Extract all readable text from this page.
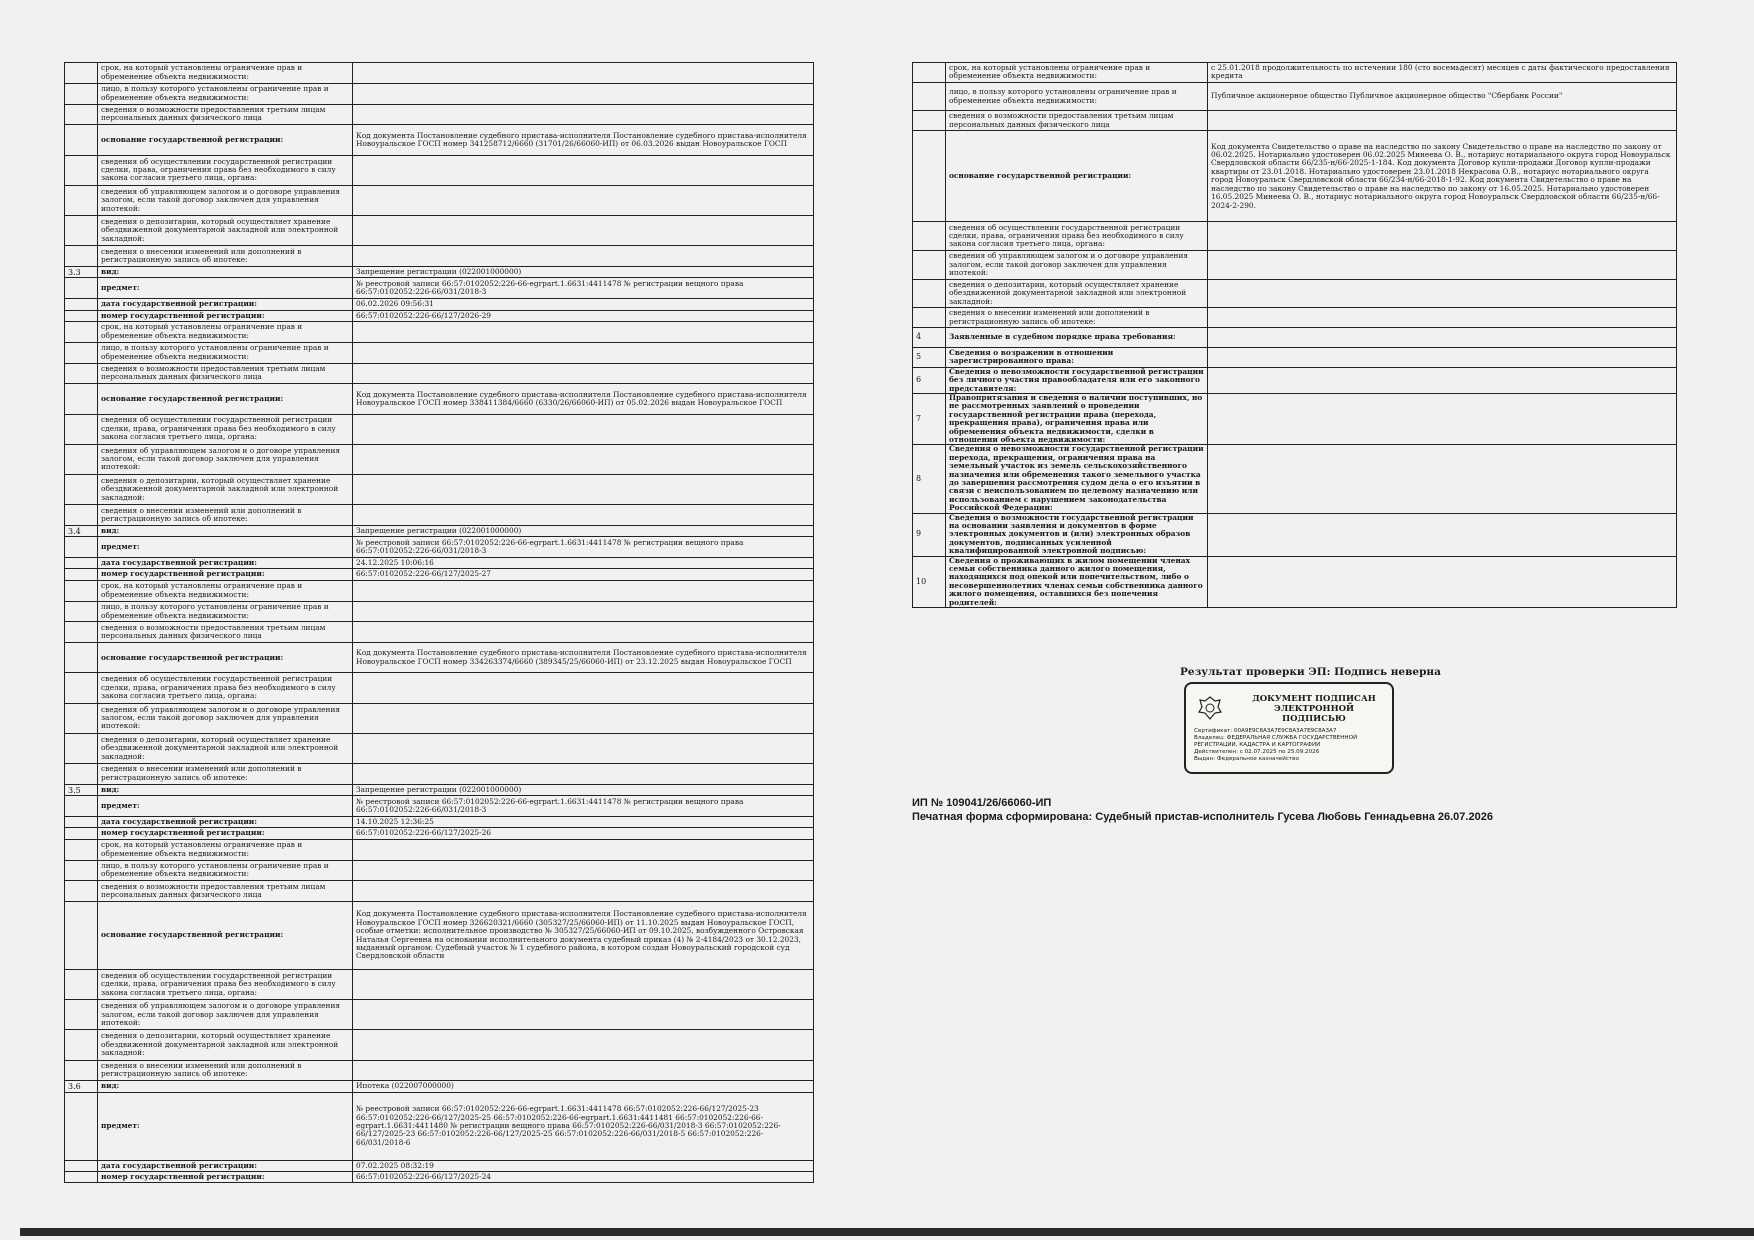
	срок, на который установлены ограничение прав и обременение объекта недвижимости:	
	лицо, в пользу которого установлены ограничение прав и обременение объекта недвижимости:	
	сведения о возможности предоставления третьим лицам персональных данных физического лица	
	основание государственной регистрации:	Код документа Постановление судебного пристава-исполнителя Постановление судебного пристава-исполнителя Новоуральское ГОСП номер 341258712/6660 (31701/26/66060-ИП) от 06.03.2026 выдан Новоуральское ГОСП
	сведения об осуществлении государственной регистрации сделки, права, ограничения права без необходимого в силу закона согласия третьего лица, органа:	
	сведения об управляющем залогом и о договоре управления залогом, если такой договор заключен для управления ипотекой:	
	сведения о депозитарии, который осуществляет хранение обездвиженной документарной закладной или электронной закладной:	
	сведения о внесении изменений или дополнений в регистрационную запись об ипотеке:	
3.3	вид:	Запрещение регистрации (022001000000)
	предмет:	№ реестровой записи 66:57:0102052:226-66-egrpart.1.6631:4411478 № регистрации вещного права 66:57:0102052:226-66/031/2018-3
	дата государственной регистрации:	06.02.2026 09:56:31
	номер государственной регистрации:	66:57:0102052:226-66/127/2026-29
	срок, на который установлены ограничение прав и обременение объекта недвижимости:	
	лицо, в пользу которого установлены ограничение прав и обременение объекта недвижимости:	
	сведения о возможности предоставления третьим лицам персональных данных физического лица	
	основание государственной регистрации:	Код документа Постановление судебного пристава-исполнителя Постановление судебного пристава-исполнителя Новоуральское ГОСП номер 338411384/6660 (6330/26/66060-ИП) от 05.02.2026 выдан Новоуральское ГОСП
	сведения об осуществлении государственной регистрации сделки, права, ограничения права без необходимого в силу закона согласия третьего лица, органа:	
	сведения об управляющем залогом и о договоре управления залогом, если такой договор заключен для управления ипотекой:	
	сведения о депозитарии, который осуществляет хранение обездвиженной документарной закладной или электронной закладной:	
	сведения о внесении изменений или дополнений в регистрационную запись об ипотеке:	
3.4	вид:	Запрещение регистрации (022001000000)
	предмет:	№ реестровой записи 66:57:0102052:226-66-egrpart.1.6631:4411478 № регистрации вещного права 66:57:0102052:226-66/031/2018-3
	дата государственной регистрации:	24.12.2025 10:06:16
	номер государственной регистрации:	66:57:0102052:226-66/127/2025-27
	срок, на который установлены ограничение прав и обременение объекта недвижимости:	
	лицо, в пользу которого установлены ограничение прав и обременение объекта недвижимости:	
	сведения о возможности предоставления третьим лицам персональных данных физического лица	
	основание государственной регистрации:	Код документа Постановление судебного пристава-исполнителя Постановление судебного пристава-исполнителя Новоуральское ГОСП номер 334263374/6660 (389345/25/66060-ИП) от 23.12.2025 выдан Новоуральское ГОСП
	сведения об осуществлении государственной регистрации сделки, права, ограничения права без необходимого в силу закона согласия третьего лица, органа:	
	сведения об управляющем залогом и о договоре управления залогом, если такой договор заключен для управления ипотекой:	
	сведения о депозитарии, который осуществляет хранение обездвиженной документарной закладной или электронной закладной:	
	сведения о внесении изменений или дополнений в регистрационную запись об ипотеке:	
3.5	вид:	Запрещение регистрации (022001000000)
	предмет:	№ реестровой записи 66:57:0102052:226-66-egrpart.1.6631:4411478 № регистрации вещного права 66:57:0102052:226-66/031/2018-3
	дата государственной регистрации:	14.10.2025 12:36:25
	номер государственной регистрации:	66:57:0102052:226-66/127/2025-26
	срок, на который установлены ограничение прав и обременение объекта недвижимости:	
	лицо, в пользу которого установлены ограничение прав и обременение объекта недвижимости:	
	сведения о возможности предоставления третьим лицам персональных данных физического лица	
	основание государственной регистрации:	Код документа Постановление судебного пристава-исполнителя Постановление судебного пристава-исполнителя Новоуральское ГОСП номер 326620321/6660 (305327/25/66060-ИП) от 11.10.2025 выдан Новоуральское ГОСП, особые отметки: исполнительное производство № 305327/25/66060-ИП от 09.10.2025, возбужденного Островская Наталья Сергеевна на основании исполнительного документа судебный приказ (4) № 2-4184/2023 от 30.12.2023, выданный органом: Судебный участок № 1 судебного района, в котором создан Новоуральский городской суд Свердловской области
	сведения об осуществлении государственной регистрации сделки, права, ограничения права без необходимого в силу закона согласия третьего лица, органа:	
	сведения об управляющем залогом и о договоре управления залогом, если такой договор заключен для управления ипотекой:	
	сведения о депозитарии, который осуществляет хранение обездвиженной документарной закладной или электронной закладной:	
	сведения о внесении изменений или дополнений в регистрационную запись об ипотеке:	
3.6	вид:	Ипотека (022007000000)
	предмет:	№ реестровой записи 66:57:0102052:226-66-egrpart.1.6631:4411478 66:57:0102052:226-66/127/2025-23 66:57:0102052:226-66/127/2025-25 66:57:0102052:226-66-egrpart.1.6631:4411481 66:57:0102052:226-66-egrpart.1.6631:4411480 № регистрации вещного права 66:57:0102052:226-66/031/2018-3 66:57:0102052:226-66/127/2025-23 66:57:0102052:226-66/127/2025-25 66:57:0102052:226-66/031/2018-5 66:57:0102052:226-66/031/2018-6
	дата государственной регистрации:	07.02.2025 08:32:19
	номер государственной регистрации:	66:57:0102052:226-66/127/2025-24
	срок, на который установлены ограничение прав и обременение объекта недвижимости:	с 25.01.2018 продолжительность по истечении 180 (сто восемьдесят) месяцев с даты фактического предоставления кредита
	лицо, в пользу которого установлены ограничение прав и обременение объекта недвижимости:	Публичное акционерное общество Публичное акционерное общество "Сбербанк России"
	сведения о возможности предоставления третьим лицам персональных данных физического лица	
	основание государственной регистрации:	Код документа Свидетельство о праве на наследство по закону Свидетельство о праве на наследство по закону от 06.02.2025. Нотариально удостоверен 06.02.2025 Минеева О. В., нотариус нотариального округа город Новоуральск Свердловской области 66/235-н/66-2025-1-184. Код документа Договор купли-продажи Договор купли-продажи квартиры от 23.01.2018. Нотариально удостоверен 23.01.2018 Некрасова О.В., нотариус нотариального округа город Новоуральск Свердловской области 66/234-н/66-2018-1-92. Код документа Свидетельство о праве на наследство по закону Свидетельство о праве на наследство по закону от 16.05.2025. Нотариально удостоверен 16.05.2025 Минеева О. В., нотариус нотариального округа город Новоуральск Свердловской области 66/235-н/66-2024-2-290.
	сведения об осуществлении государственной регистрации сделки, права, ограничения права без необходимого в силу закона согласия третьего лица, органа:	
	сведения об управляющем залогом и о договоре управления залогом, если такой договор заключен для управления ипотекой:	
	сведения о депозитарии, который осуществляет хранение обездвиженной документарной закладной или электронной закладной:	
	сведения о внесении изменений или дополнений в регистрационную запись об ипотеке:	
4	Заявленные в судебном порядке права требования:	
5	Сведения о возражении в отношении зарегистрированного права:	
6	Сведения о невозможности государственной регистрации без личного участия правообладателя или его законного представителя:	
7	Правопритязания и сведения о наличии поступивших, но не рассмотренных заявлений о проведении государственной регистрации права (перехода, прекращения права), ограничения права или обременения объекта недвижимости, сделки в отношении объекта недвижимости:	
8	Сведения о невозможности государственной регистрации перехода, прекращения, ограничения права на земельный участок из земель сельскохозяйственного назначения или обременения такого земельного участка до завершения рассмотрения судом дела о его изъятии в связи с неиспользованием по целевому назначению или использованием с нарушением законодательства Российской Федерации:	
9	Сведения о возможности государственной регистрации на основании заявления и документов в форме электронных документов и (или) электронных образов документов, подписанных усиленной квалифицированной электронной подписью:	
10	Сведения о проживающих в жилом помещении членах семьи собственника данного жилого помещения, находящихся под опекой или попечительством, либо о несовершеннолетних членах семьи собственника данного жилого помещения, оставшихся без попечения родителей:	
Результат проверки ЭП: Подпись неверна
ДОКУМЕНТ ПОДПИСАН ЭЛЕКТРОННОЙ ПОДПИСЬЮ
Сертификат: 00A9E9C8A3A7E9C8A3A7E9C8A3A7
Владелец: ФЕДЕРАЛЬНАЯ СЛУЖБА ГОСУДАРСТВЕННОЙ
РЕГИСТРАЦИИ, КАДАСТРА И КАРТОГРАФИИ
Действителен: с 02.07.2025 по 25.09.2026
Выдан: Федеральное казначейство
ИП № 109041/26/66060-ИП
Печатная форма сформирована: Судебный пристав-исполнитель Гусева Любовь Геннадьевна 26.07.2026
